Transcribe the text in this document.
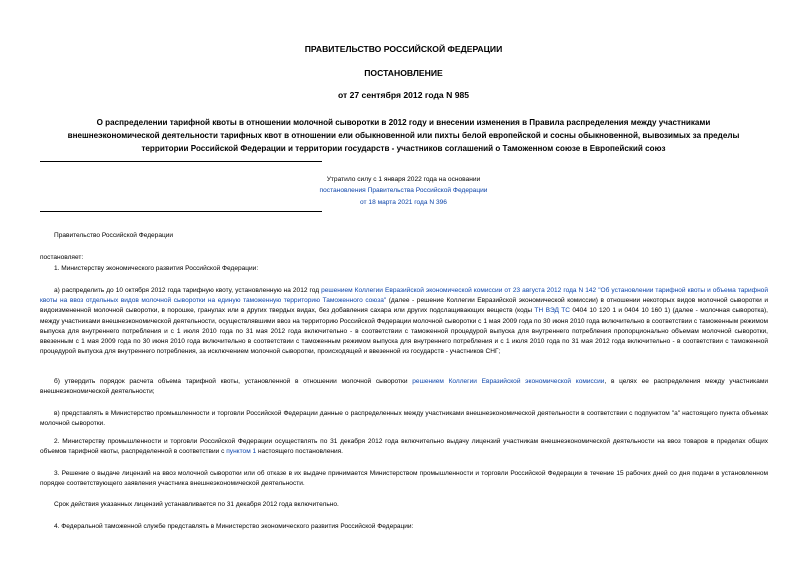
ПРАВИТЕЛЬСТВО РОССИЙСКОЙ ФЕДЕРАЦИИ
ПОСТАНОВЛЕНИЕ
от 27 сентября 2012 года N 985
О распределении тарифной квоты в отношении молочной сыворотки в 2012 году и внесении изменения в Правила распределения между участниками внешнеэкономической деятельности тарифных квот в отношении ели обыкновенной или пихты белой европейской и сосны обыкновенной, вывозимых за пределы территории Российской Федерации и территории государств - участников соглашений о Таможенном союзе в Европейский союз
Утратило силу с 1 января 2022 года на основании
постановления Правительства Российской Федерации
от 18 марта 2021 года N 396
Правительство Российской Федерации
постановляет:
1. Министерству экономического развития Российской Федерации:
а) распределить до 10 октября 2012 года тарифную квоту, установленную на 2012 год решением Коллегии Евразийской экономической комиссии от 23 августа 2012 года N 142 "Об установлении тарифной квоты и объема тарифной квоты на ввоз отдельных видов молочной сыворотки на единую таможенную территорию Таможенного союза" (далее - решение Коллегии Евразийской экономической комиссии) в отношении некоторых видов молочной сыворотки и видоизмененной молочной сыворотки, в порошке, гранулах или в других твердых видах, без добавления сахара или других подслащивающих веществ (коды ТН ВЭД ТС 0404 10 120 1 и 0404 10 160 1) (далее - молочная сыворотка), между участниками внешнеэкономической деятельности, осуществлявшими ввоз на территорию Российской Федерации молочной сыворотки с 1 мая 2009 года по 30 июня 2010 года включительно в соответствии с таможенным режимом выпуска для внутреннего потребления и с 1 июля 2010 года по 31 мая 2012 года включительно - в соответствии с таможенной процедурой выпуска для внутреннего потребления пропорционально объемам молочной сыворотки, ввезенным с 1 мая 2009 года по 30 июня 2010 года включительно в соответствии с таможенным режимом выпуска для внутреннего потребления и с 1 июля 2010 года по 31 мая 2012 года включительно - в соответствии с таможенной процедурой выпуска для внутреннего потребления, за исключением молочной сыворотки, происходящей и ввезенной из государств - участников СНГ;
б) утвердить порядок расчета объема тарифной квоты, установленной в отношении молочной сыворотки решением Коллегии Евразийской экономической комиссии, в целях ее распределения между участниками внешнеэкономической деятельности;
в) представлять в Министерство промышленности и торговли Российской Федерации данные о распределенных между участниками внешнеэкономической деятельности в соответствии с подпунктом "а" настоящего пункта объемах молочной сыворотки.
2. Министерству промышленности и торговли Российской Федерации осуществлять по 31 декабря 2012 года включительно выдачу лицензий участникам внешнеэкономической деятельности на ввоз товаров в пределах общих объемов тарифной квоты, распределенной в соответствии с пунктом 1 настоящего постановления.
3. Решение о выдаче лицензий на ввоз молочной сыворотки или об отказе в их выдаче принимается Министерством промышленности и торговли Российской Федерации в течение 15 рабочих дней со дня подачи в установленном порядке соответствующего заявления участника внешнеэкономической деятельности.
Срок действия указанных лицензий устанавливается по 31 декабря 2012 года включительно.
4. Федеральной таможенной службе представлять в Министерство экономического развития Российской Федерации:
